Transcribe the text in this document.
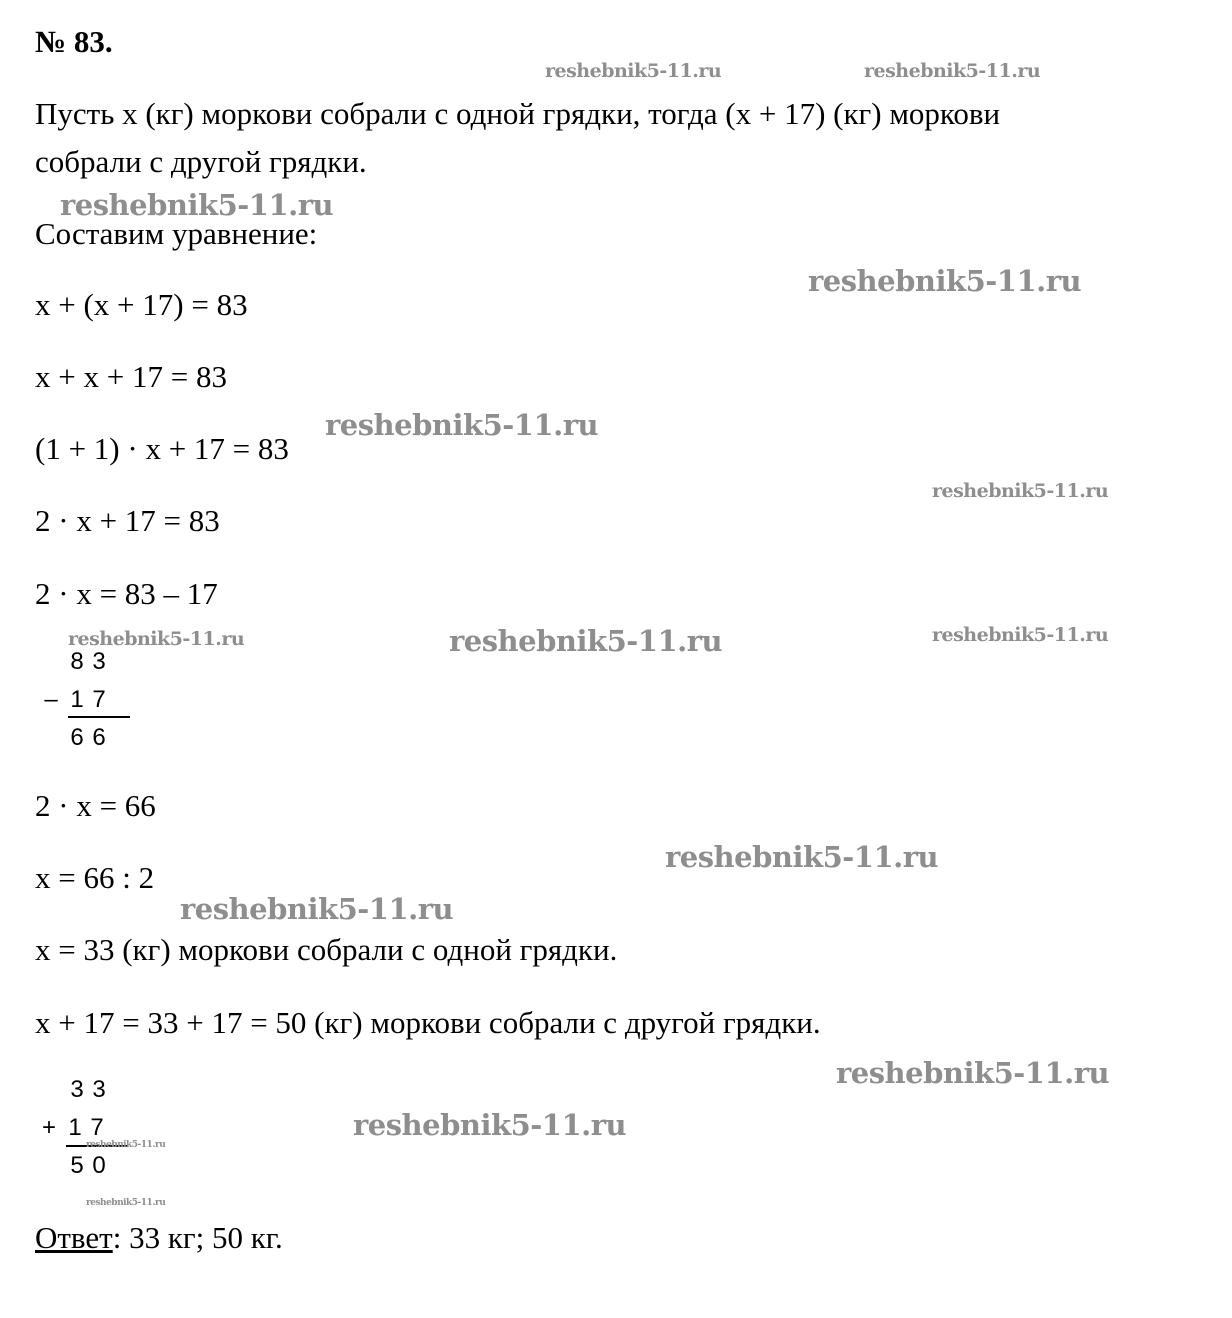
№ 83.
Пусть х (кг) моркови собрали с одной грядки, тогда (х + 17) (кг) моркови
собрали с другой грядки.
Составим уравнение:
х + (х + 17) = 83
х + х + 17 = 83
(1 + 1) · х + 17 = 83
2 · х + 17 = 83
2 · х = 83 – 17
8 3
– 1 7
6 6
2 · х = 66
х = 66 : 2
х = 33 (кг) моркови собрали с одной грядки.
х + 17 = 33 + 17 = 50 (кг) моркови собрали с другой грядки.
3 3
+ 1 7
5 0
Ответ: 33 кг; 50 кг.
reshebnik5-11.ru	reshebnik5-11.ru
reshebnik5-11.ru
reshebnik5-11.ru
reshebnik5-11.ru
reshebnik5-11.ru
reshebnik5-11.ru	reshebnik5-11.ru	reshebnik5-11.ru
reshebnik5-11.ru
reshebnik5-11.ru
reshebnik5-11.ru
reshebnik5-11.ru
reshebnik5-11.ru
reshebnik5-11.ru
